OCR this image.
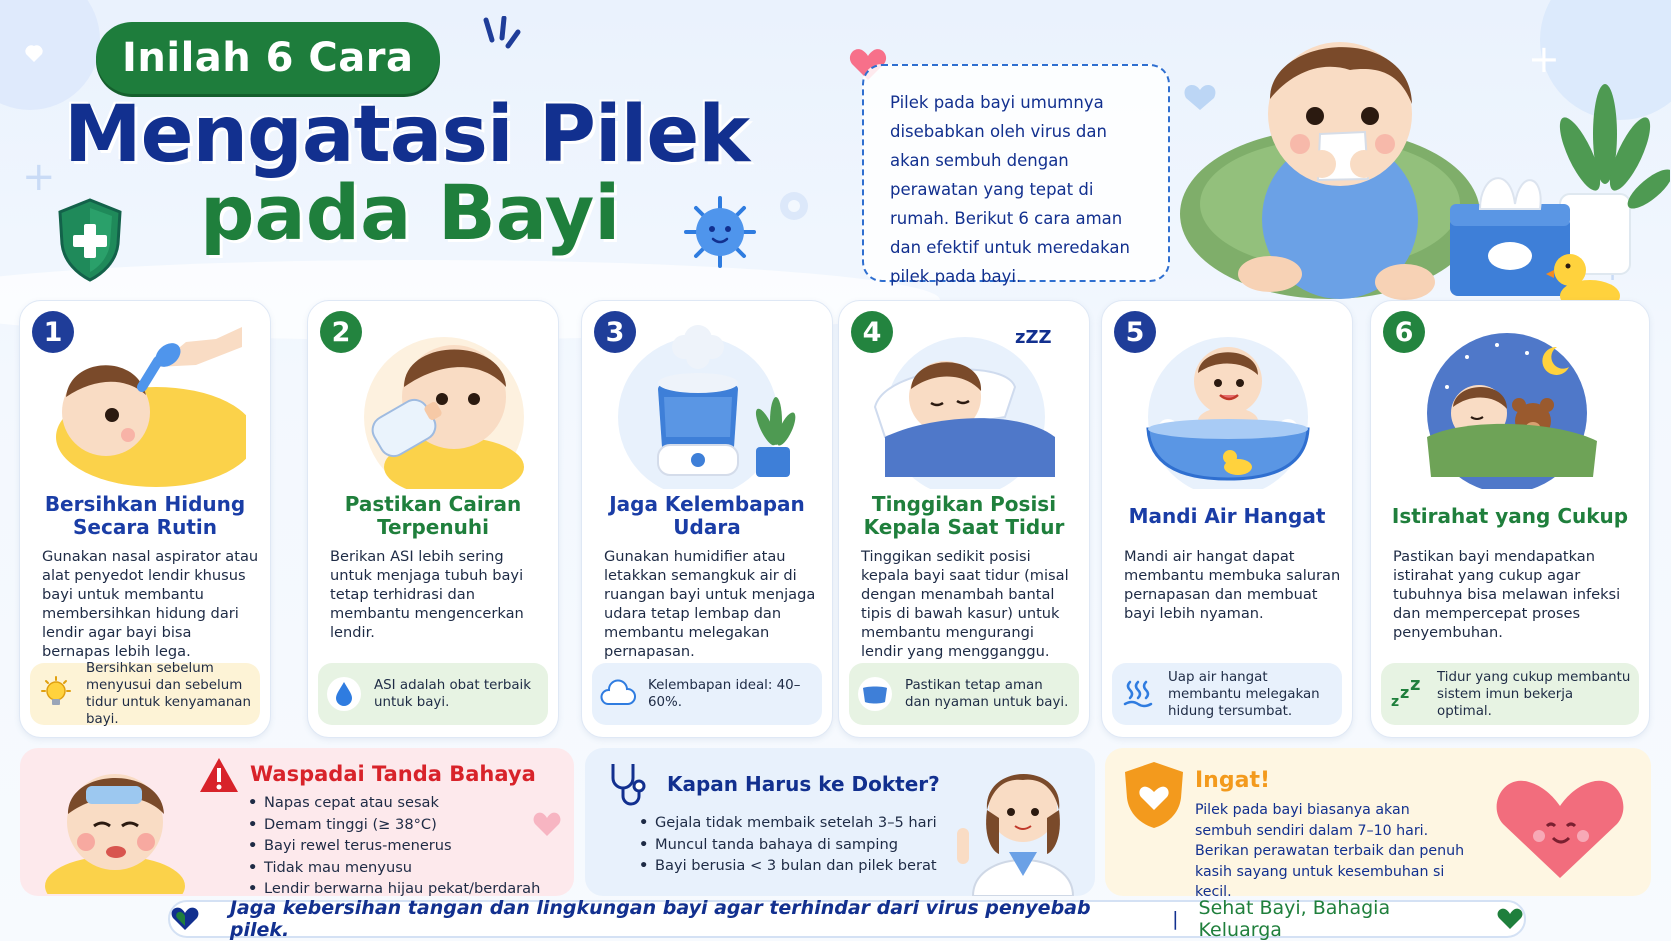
+
+
Inilah 6 Cara
Mengatasi Pilek
pada Bayi
Pilek pada bayi umumnya disebabkan oleh virus dan akan sembuh dengan perawatan yang tepat di rumah. Berikut 6 cara aman dan efektif untuk meredakan pilek pada bayi.
1
Bersihkan Hidung Secara Rutin
Gunakan nasal aspirator atau alat penyedot lendir khusus bayi untuk membantu membersihkan hidung dari lendir agar bayi bisa bernapas lebih lega.
Bersihkan sebelum menyusui dan sebelum tidur untuk kenyamanan bayi.
2
Pastikan Cairan Terpenuhi
Berikan ASI lebih sering untuk menjaga tubuh bayi tetap terhidrasi dan membantu mengencerkan lendir.
ASI adalah obat terbaik untuk bayi.
3
Jaga Kelembapan Udara
Gunakan humidifier atau letakkan semangkuk air di ruangan bayi untuk menjaga udara tetap lembap dan membantu melegakan pernapasan.
Kelembapan ideal: 40–60%.
4	zZZ
Tinggikan Posisi Kepala Saat Tidur
Tinggikan sedikit posisi kepala bayi saat tidur (misal dengan menambah bantal tipis di bawah kasur) untuk membantu mengurangi lendir yang mengganggu.
Pastikan tetap aman dan nyaman untuk bayi.
5
Mandi Air Hangat
Mandi air hangat dapat membantu membuka saluran pernapasan dan membuat bayi lebih nyaman.
Uap air hangat membantu melegakan hidung tersumbat.
6
Istirahat yang Cukup
Pastikan bayi mendapatkan istirahat yang cukup agar tubuhnya bisa melawan infeksi dan mempercepat proses penyembuhan.
z z z Tidur yang cukup membantu sistem imun bekerja optimal.
Waspadai Tanda Bahaya
• Napas cepat atau sesak
• Demam tinggi (≥ 38°C)
• Bayi rewel terus-menerus
• Tidak mau menyusu
• Lendir berwarna hijau pekat/berdarah
Kapan Harus ke Dokter?
• Gejala tidak membaik setelah 3–5 hari
• Muncul tanda bahaya di samping
• Bayi berusia < 3 bulan dan pilek berat
Ingat!
Pilek pada bayi biasanya akan sembuh sendiri dalam 7–10 hari. Berikan perawatan terbaik dan penuh kasih sayang untuk kesembuhan si kecil.
Jaga kebersihan tangan dan lingkungan bayi agar terhindar dari virus penyebab pilek.	| Sehat Bayi, Bahagia Keluarga
